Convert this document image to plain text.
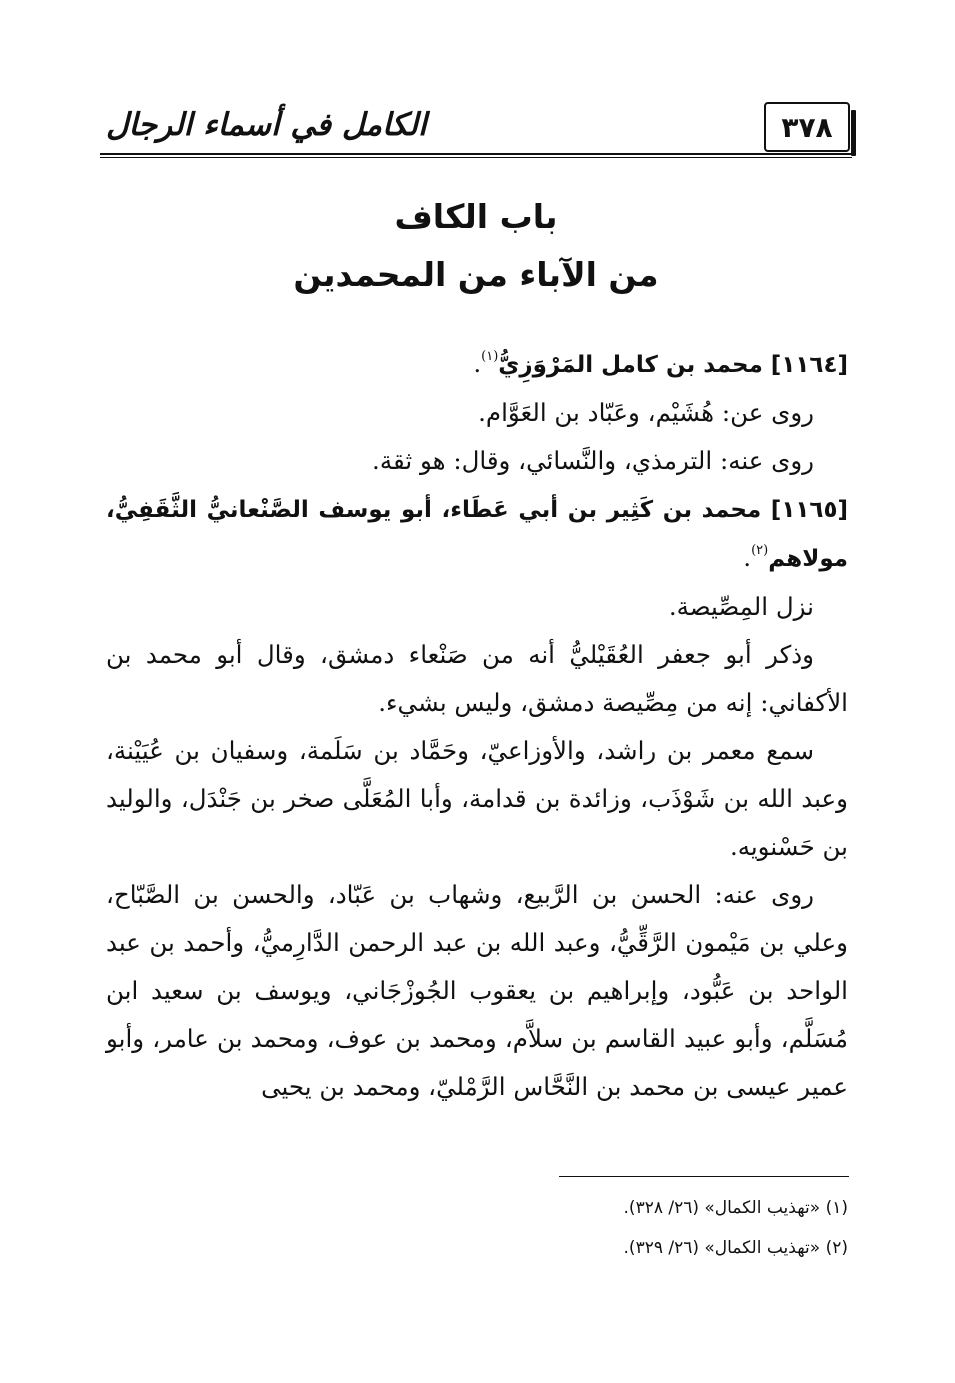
٣٧٨
الكامل في أسماء الرجال
باب الكاف
من الآباء من المحمدين

[١١٦٤] محمد بن كامل المَرْوَزِيُّ$^{(١)}$.

روى عن: هُشَيْم، وعَبّاد بن العَوَّام.

روى عنه: الترمذي، والنَّسائي، وقال: هو ثقة.

[١١٦٥] محمد بن كَثِير بن أبي عَطَاء، أبو يوسف الصَّنْعانيُّ الثَّقَفِيُّ، مولاهم$^{(٢)}$.

نزل المِصِّيصة.

وذكر أبو جعفر العُقَيْليُّ أنه من صَنْعاء دمشق، وقال أبو محمد بن الأكفاني: إنه من مِصِّيصة دمشق، وليس بشيء.

سمع معمر بن راشد، والأوزاعيّ، وحَمَّاد بن سَلَمة، وسفيان بن عُيَيْنة، وعبد الله بن شَوْذَب، وزائدة بن قدامة، وأبا المُعَلَّى صخر بن جَنْدَل، والوليد بن حَسْنويه.

روى عنه: الحسن بن الرَّبيع، وشهاب بن عَبّاد، والحسن بن الصَّبّاح، وعلي بن مَيْمون الرَّقِّيُّ، وعبد الله بن عبد الرحمن الدَّارِميُّ، وأحمد بن عبد الواحد بن عَبُّود، وإبراهيم بن يعقوب الجُوزْجَاني، ويوسف بن سعيد ابن مُسَلَّم، وأبو عبيد القاسم بن سلاَّم، ومحمد بن عوف، ومحمد بن عامر، وأبو عمير عيسى بن محمد بن النَّحَّاس الرَّمْليّ، ومحمد بن يحيى

(١) «تهذيب الكمال» (٢٦/ ٣٢٨).
(٢) «تهذيب الكمال» (٢٦/ ٣٢٩).
